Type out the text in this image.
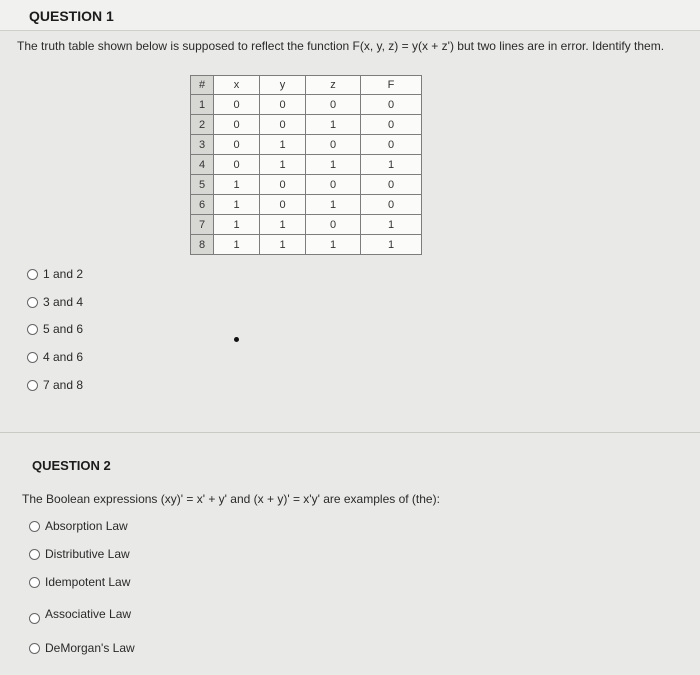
QUESTION 1
The truth table shown below is supposed to reflect the function F(x, y, z) = y(x + z') but two lines are in error. Identify them.
#	x	y	z	F
1	0	0	0	0
2	0	0	1	0
3	0	1	0	0
4	0	1	1	1
5	1	0	0	0
6	1	0	1	0
7	1	1	0	1
8	1	1	1	1
1 and 2
3 and 4
5 and 6
4 and 6
7 and 8
QUESTION 2
The Boolean expressions (xy)' = x' + y' and (x + y)' = x'y' are examples of (the):
Absorption Law
Distributive Law
Idempotent Law
Associative Law
DeMorgan's Law
